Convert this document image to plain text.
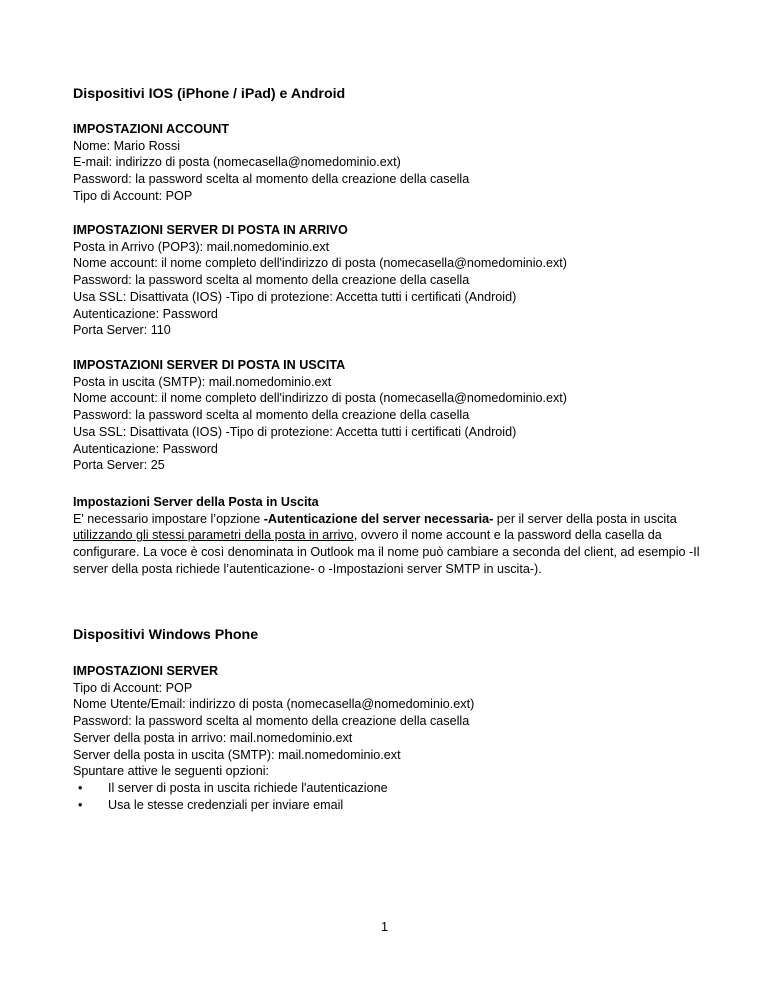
Dispositivi IOS (iPhone / iPad) e Android
IMPOSTAZIONI ACCOUNT
Nome: Mario Rossi
E-mail: indirizzo di posta (nomecasella@nomedominio.ext)
Password: la password scelta al momento della creazione della casella
Tipo di Account: POP
IMPOSTAZIONI SERVER DI POSTA IN ARRIVO
Posta in Arrivo (POP3): mail.nomedominio.ext
Nome account: il nome completo dell'indirizzo di posta (nomecasella@nomedominio.ext)
Password: la password scelta al momento della creazione della casella
Usa SSL: Disattivata (IOS) -Tipo di protezione: Accetta tutti i certificati (Android)
Autenticazione: Password
Porta Server: 110
IMPOSTAZIONI SERVER DI POSTA IN USCITA
Posta in uscita (SMTP): mail.nomedominio.ext
Nome account: il nome completo dell'indirizzo di posta (nomecasella@nomedominio.ext)
Password: la password scelta al momento della creazione della casella
Usa SSL: Disattivata (IOS) -Tipo di protezione: Accetta tutti i certificati (Android)
Autenticazione: Password
Porta Server: 25
Impostazioni Server della Posta in Uscita
E' necessario impostare l’opzione -Autenticazione del server necessaria- per il server della posta in uscita utilizzando gli stessi parametri della posta in arrivo, ovvero il nome account e la password della casella da configurare. La voce è così denominata in Outlook ma il nome può cambiare a seconda del client, ad esempio -Il server della posta richiede l’autenticazione- o -Impostazioni server SMTP in uscita-).
Dispositivi Windows Phone
IMPOSTAZIONI SERVER
Tipo di Account: POP
Nome Utente/Email: indirizzo di posta (nomecasella@nomedominio.ext)
Password: la password scelta al momento della creazione della casella
Server della posta in arrivo: mail.nomedominio.ext
Server della posta in uscita (SMTP): mail.nomedominio.ext
Spuntare attive le seguenti opzioni:
• Il server di posta in uscita richiede l'autenticazione
• Usa le stesse credenziali per inviare email
1
